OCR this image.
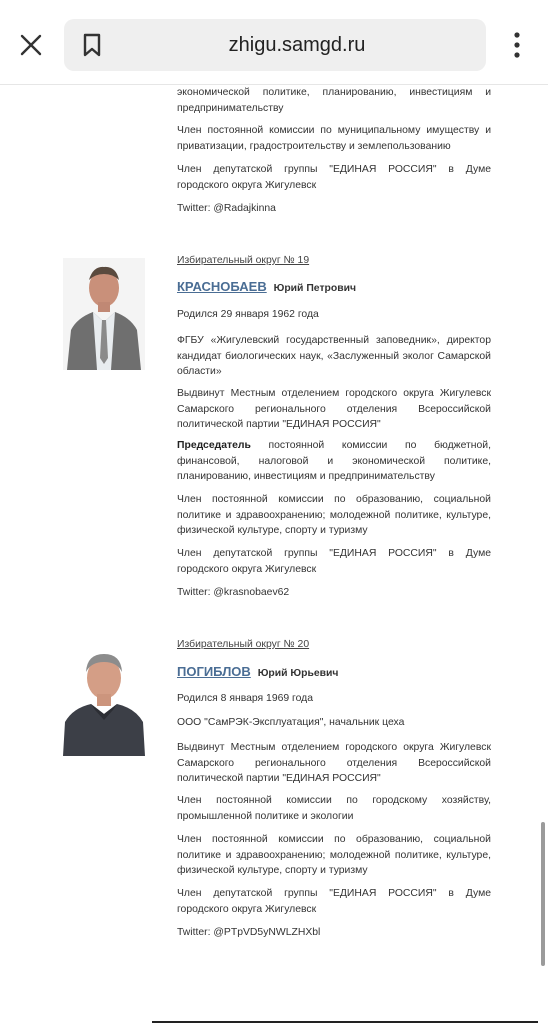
zhigu.samgd.ru
экономической политике, планированию, инвестициям и предпринимательству
Член постоянной комиссии по муниципальному имуществу и приватизации, градостроительству и землепользованию
Член депутатской группы "ЕДИНАЯ РОССИЯ" в Думе городского округа Жигулевск
Twitter: @Radajkinna
Избирательный округ № 19
КРАСНОБАЕВ Юрий Петрович
Родился 29 января 1962 года
ФГБУ «Жигулевский государственный заповедник», директор кандидат биологических наук, «Заслуженный эколог Самарской области»
Выдвинут Местным отделением городского округа Жигулевск Самарского регионального отделения Всероссийской политической партии "ЕДИНАЯ РОССИЯ"
Председатель постоянной комиссии по бюджетной, финансовой, налоговой и экономической политике, планированию, инвестициям и предпринимательству
Член постоянной комиссии по образованию, социальной политике и здравоохранению; молодежной политике, культуре, физической культуре, спорту и туризму
Член депутатской группы "ЕДИНАЯ РОССИЯ" в Думе городского округа Жигулевск
Twitter: @krasnobaev62
Избирательный округ № 20
ПОГИБЛОВ Юрий Юрьевич
Родился 8 января 1969 года
ООО "СамРЭК-Эксплуатация", начальник цеха
Выдвинут Местным отделением городского округа Жигулевск Самарского регионального отделения Всероссийской политической партии "ЕДИНАЯ РОССИЯ"
Член постоянной комиссии по городскому хозяйству, промышленной политике и экологии
Член постоянной комиссии по образованию, социальной политике и здравоохранению; молодежной политике, культуре, физической культуре, спорту и туризму
Член депутатской группы "ЕДИНАЯ РОССИЯ" в Думе городского округа Жигулевск
Twitter: @PTpVD5yNWLZHXbl
